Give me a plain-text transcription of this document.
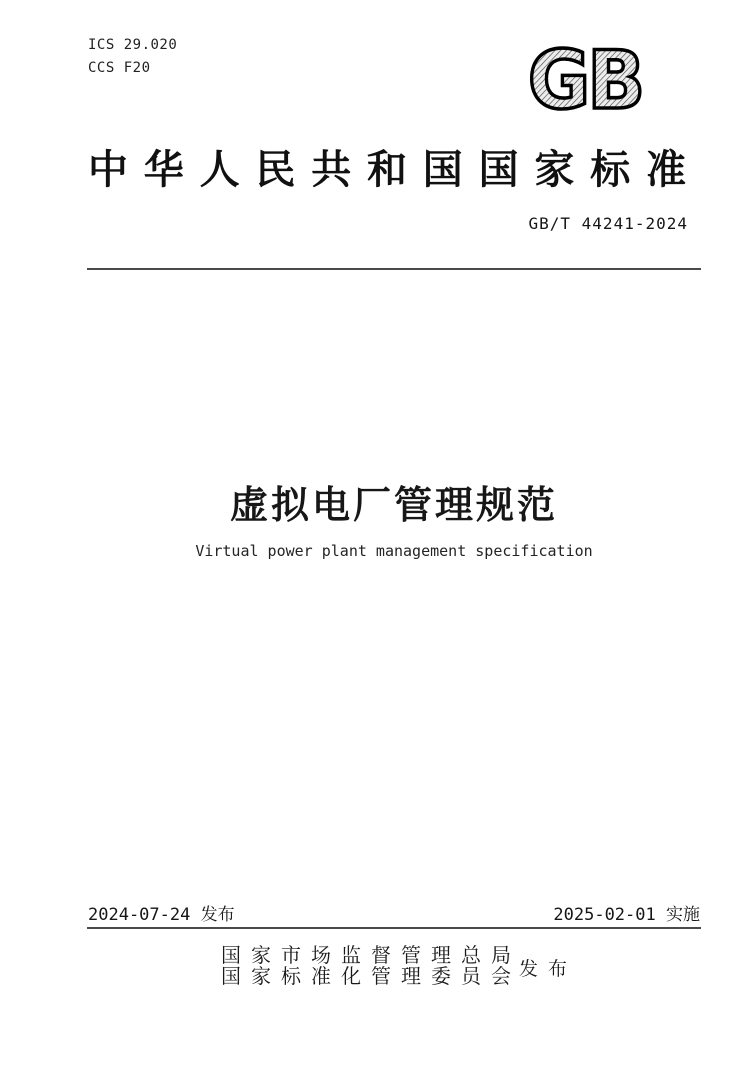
ICS 29.020
CCS F20	GB
中华人民共和国国家标准
GB/T 44241-2024
虚拟电厂管理规范
Virtual power plant management specification
2024-07-24 发布	2025-02-01 实施
国家市场监督管理总局
国家标准化管理委员会 发布
